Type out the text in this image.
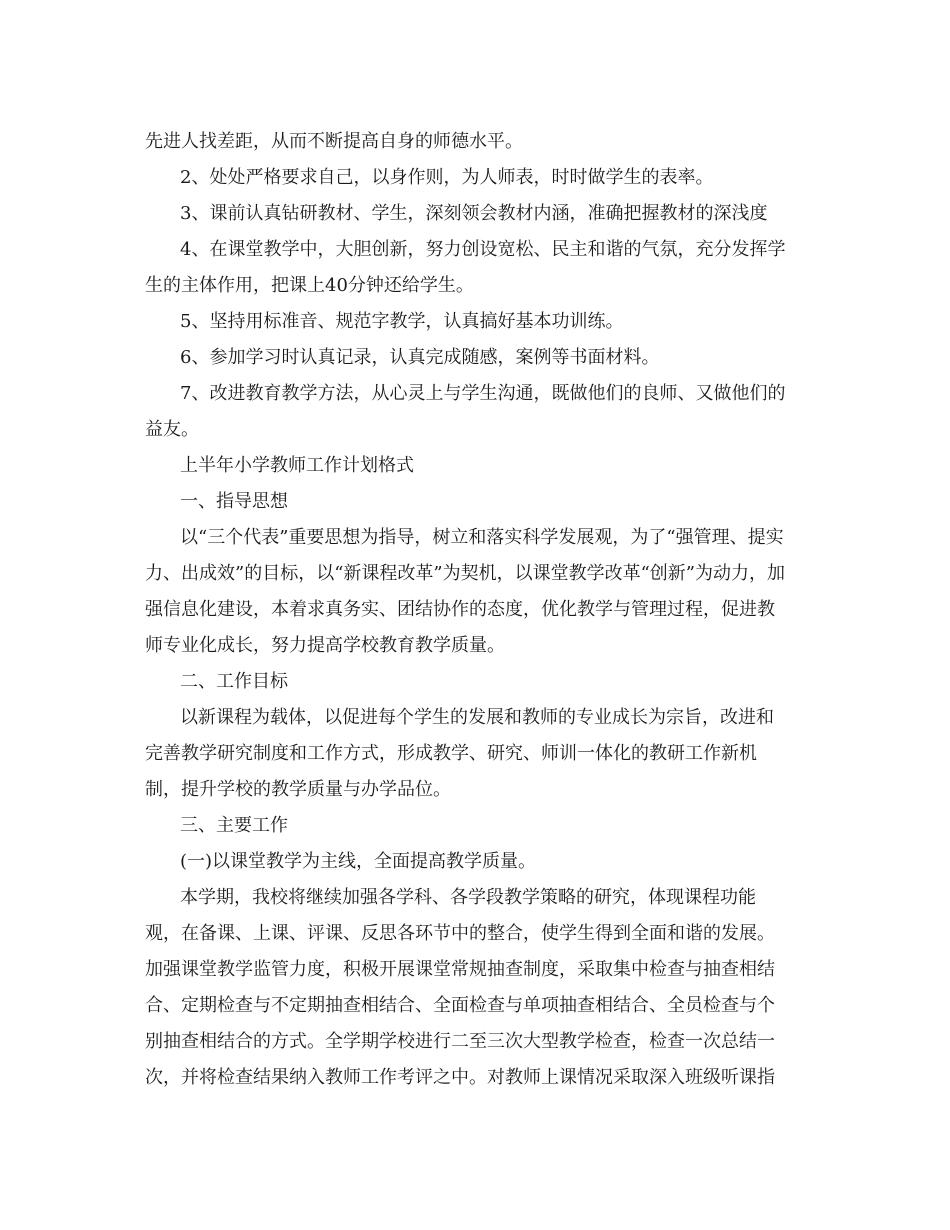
先进人找差距，从而不断提高自身的师德水平。
2、处处严格要求自己，以身作则，为人师表，时时做学生的表率。
3、课前认真钻研教材、学生，深刻领会教材内涵，准确把握教材的深浅度
4、在课堂教学中，大胆创新，努力创设宽松、民主和谐的气氛，充分发挥学
生的主体作用，把课上40分钟还给学生。
5、坚持用标准音、规范字教学，认真搞好基本功训练。
6、参加学习时认真记录，认真完成随感，案例等书面材料。
7、改进教育教学方法，从心灵上与学生沟通，既做他们的良师、又做他们的
益友。
上半年小学教师工作计划格式
一、指导思想
以“三个代表”重要思想为指导，树立和落实科学发展观，为了“强管理、提实
力、出成效”的目标，以“新课程改革”为契机，以课堂教学改革“创新”为动力，加
强信息化建设，本着求真务实、团结协作的态度，优化教学与管理过程，促进教
师专业化成长，努力提高学校教育教学质量。
二、工作目标
以新课程为载体，以促进每个学生的发展和教师的专业成长为宗旨，改进和
完善教学研究制度和工作方式，形成教学、研究、师训一体化的教研工作新机
制，提升学校的教学质量与办学品位。
三、主要工作
(一)以课堂教学为主线，全面提高教学质量。
本学期，我校将继续加强各学科、各学段教学策略的研究，体现课程功能
观，在备课、上课、评课、反思各环节中的整合，使学生得到全面和谐的发展。
加强课堂教学监管力度，积极开展课堂常规抽查制度，采取集中检查与抽查相结
合、定期检查与不定期抽查相结合、全面检查与单项抽查相结合、全员检查与个
别抽查相结合的方式。全学期学校进行二至三次大型教学检查，检查一次总结一
次，并将检查结果纳入教师工作考评之中。对教师上课情况采取深入班级听课指
